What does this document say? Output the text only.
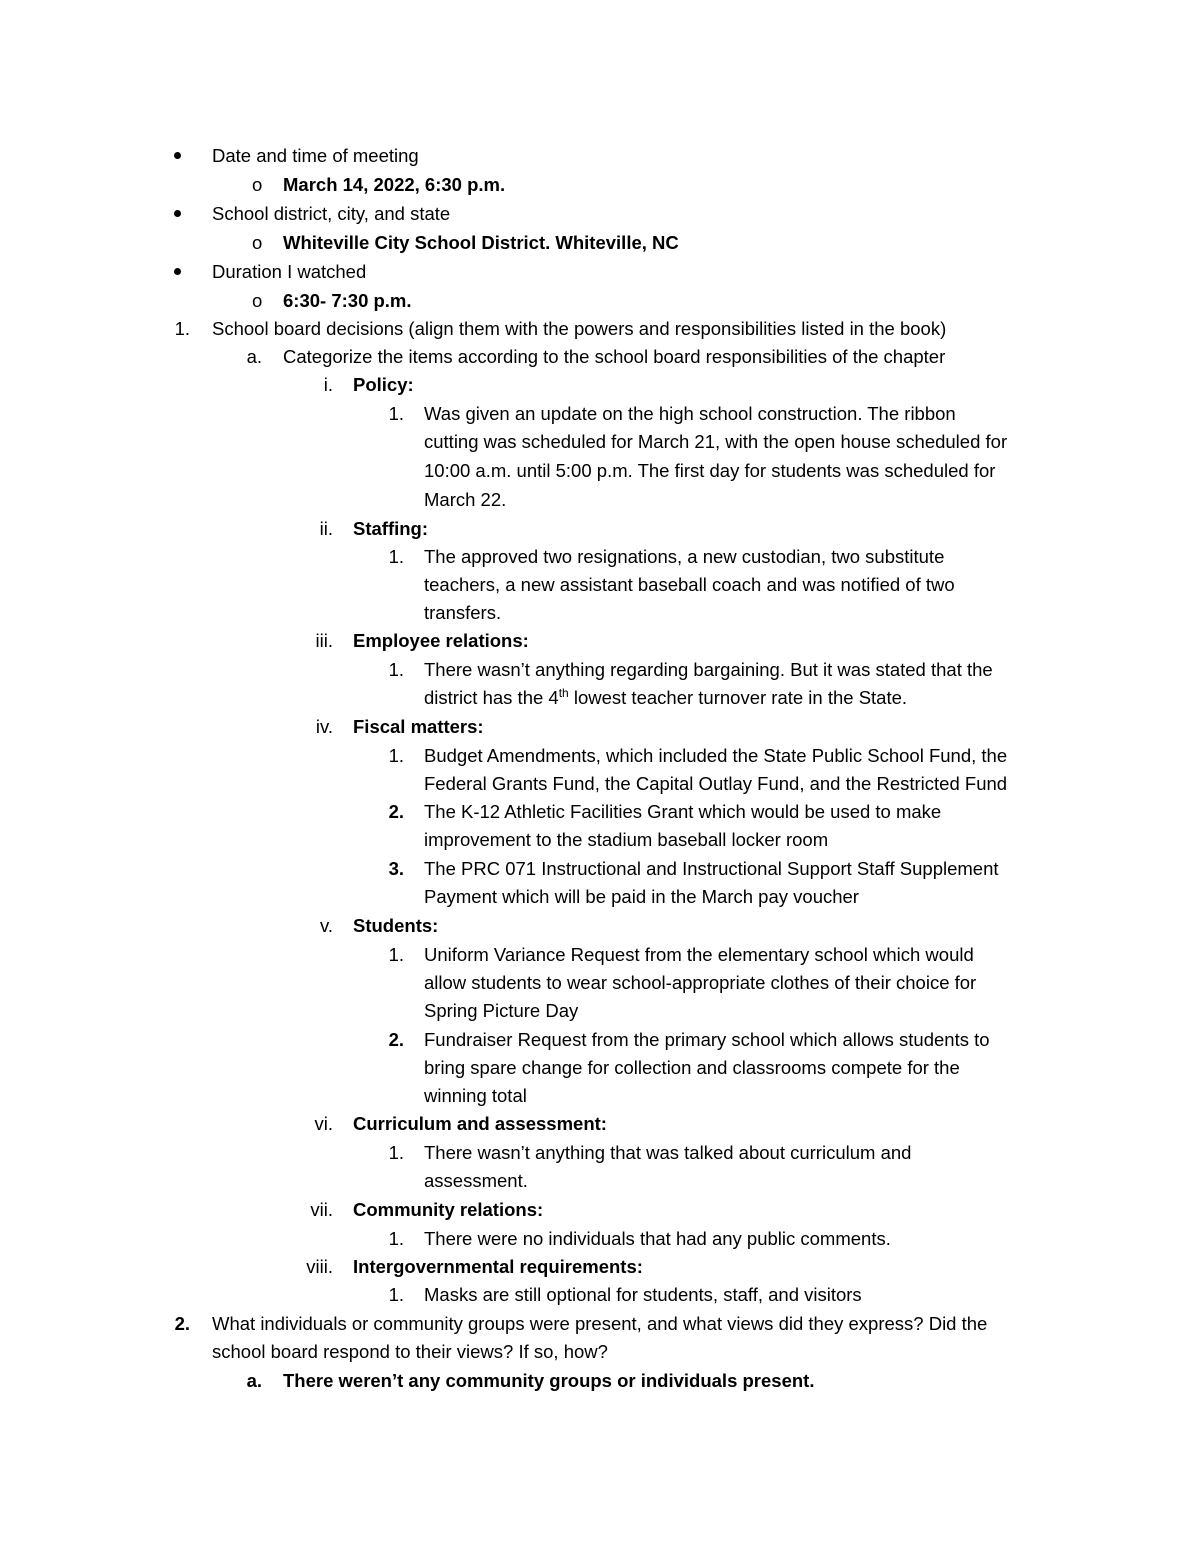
Date and time of meeting
o March 14, 2022, 6:30 p.m.
School district, city, and state
o Whiteville City School District. Whiteville, NC
Duration I watched
o 6:30- 7:30 p.m.
1. School board decisions (align them with the powers and responsibilities listed in the book)
a. Categorize the items according to the school board responsibilities of the chapter
i. Policy:
1. Was given an update on the high school construction. The ribbon
cutting was scheduled for March 21, with the open house scheduled for
10:00 a.m. until 5:00 p.m. The first day for students was scheduled for
March 22.
ii. Staffing:
1. The approved two resignations, a new custodian, two substitute
teachers, a new assistant baseball coach and was notified of two
transfers.
iii. Employee relations:
1. There wasn’t anything regarding bargaining. But it was stated that the
district has the 4th lowest teacher turnover rate in the State.
iv. Fiscal matters:
1. Budget Amendments, which included the State Public School Fund, the
Federal Grants Fund, the Capital Outlay Fund, and the Restricted Fund
2. The K-12 Athletic Facilities Grant which would be used to make
improvement to the stadium baseball locker room
3. The PRC 071 Instructional and Instructional Support Staff Supplement
Payment which will be paid in the March pay voucher
v. Students:
1. Uniform Variance Request from the elementary school which would
allow students to wear school-appropriate clothes of their choice for
Spring Picture Day
2. Fundraiser Request from the primary school which allows students to
bring spare change for collection and classrooms compete for the
winning total
vi. Curriculum and assessment:
1. There wasn’t anything that was talked about curriculum and
assessment.
vii. Community relations:
1. There were no individuals that had any public comments.
viii. Intergovernmental requirements:
1. Masks are still optional for students, staff, and visitors
2. What individuals or community groups were present, and what views did they express? Did the
school board respond to their views? If so, how?
a. There weren’t any community groups or individuals present.
